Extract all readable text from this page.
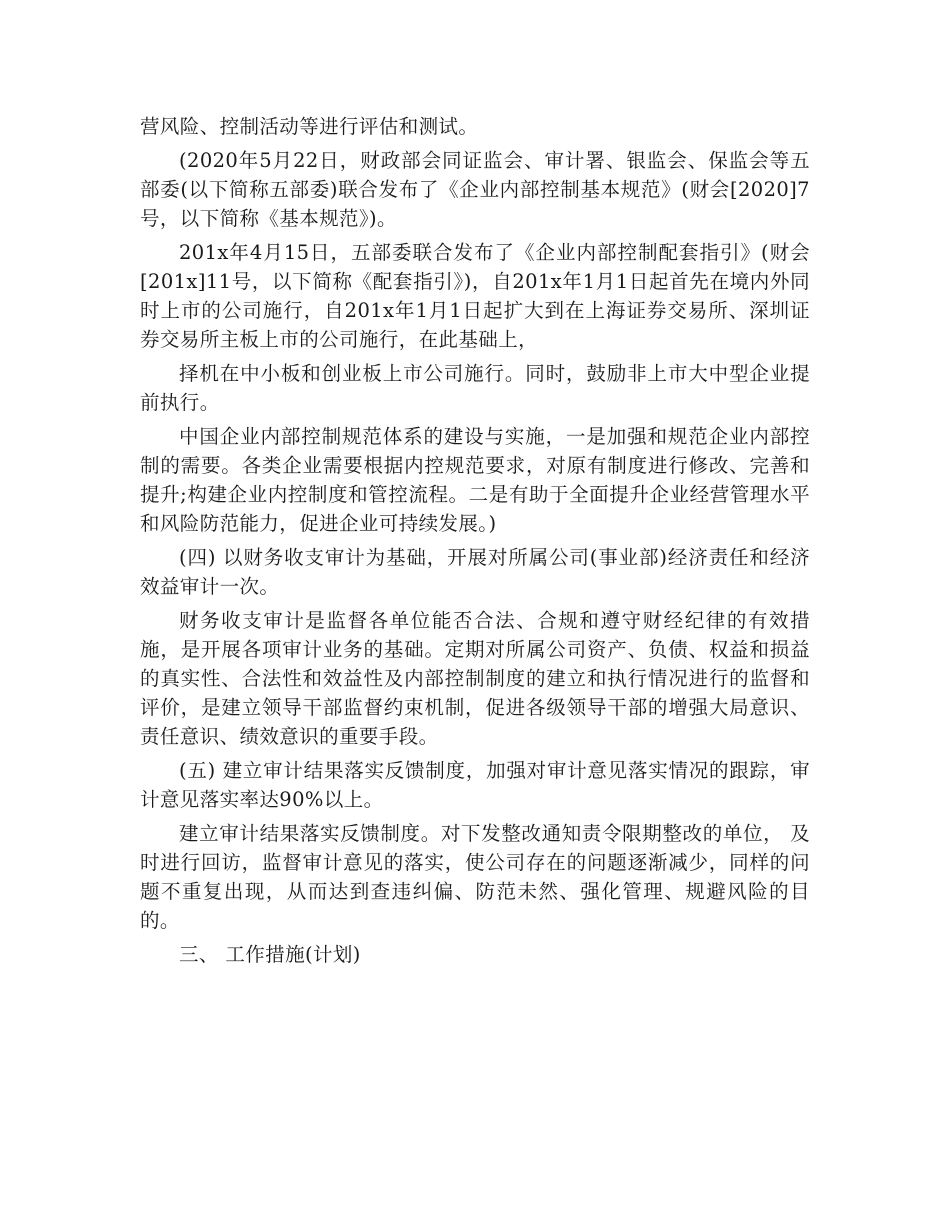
营风险、控制活动等进行评估和测试。

(2020年5月22日，财政部会同证监会、审计署、银监会、保监会等五部委(以下简称五部委)联合发布了《企业内部控制基本规范》(财会[2020]7号，以下简称《基本规范》)。

201x年4月15日，五部委联合发布了《企业内部控制配套指引》(财会[201x]11号，以下简称《配套指引》)，自201x年1月1日起首先在境内外同时上市的公司施行，自201x年1月1日起扩大到在上海证券交易所、深圳证券交易所主板上市的公司施行，在此基础上，

择机在中小板和创业板上市公司施行。同时，鼓励非上市大中型企业提前执行。

中国企业内部控制规范体系的建设与实施，一是加强和规范企业内部控制的需要。各类企业需要根据内控规范要求，对原有制度进行修改、完善和提升;构建企业内控制度和管控流程。二是有助于全面提升企业经营管理水平和风险防范能力，促进企业可持续发展。)

(四) 以财务收支审计为基础，开展对所属公司(事业部)经济责任和经济效益审计一次。

财务收支审计是监督各单位能否合法、合规和遵守财经纪律的有效措施，是开展各项审计业务的基础。定期对所属公司资产、负债、权益和损益的真实性、合法性和效益性及内部控制制度的建立和执行情况进行的监督和评价，是建立领导干部监督约束机制，促进各级领导干部的增强大局意识、责任意识、绩效意识的重要手段。

(五) 建立审计结果落实反馈制度，加强对审计意见落实情况的跟踪，审计意见落实率达90%以上。

建立审计结果落实反馈制度。对下发整改通知责令限期整改的单位， 及时进行回访，监督审计意见的落实，使公司存在的问题逐渐减少，同样的问题不重复出现，从而达到查违纠偏、防范未然、强化管理、规避风险的目的。

三、 工作措施(计划)
